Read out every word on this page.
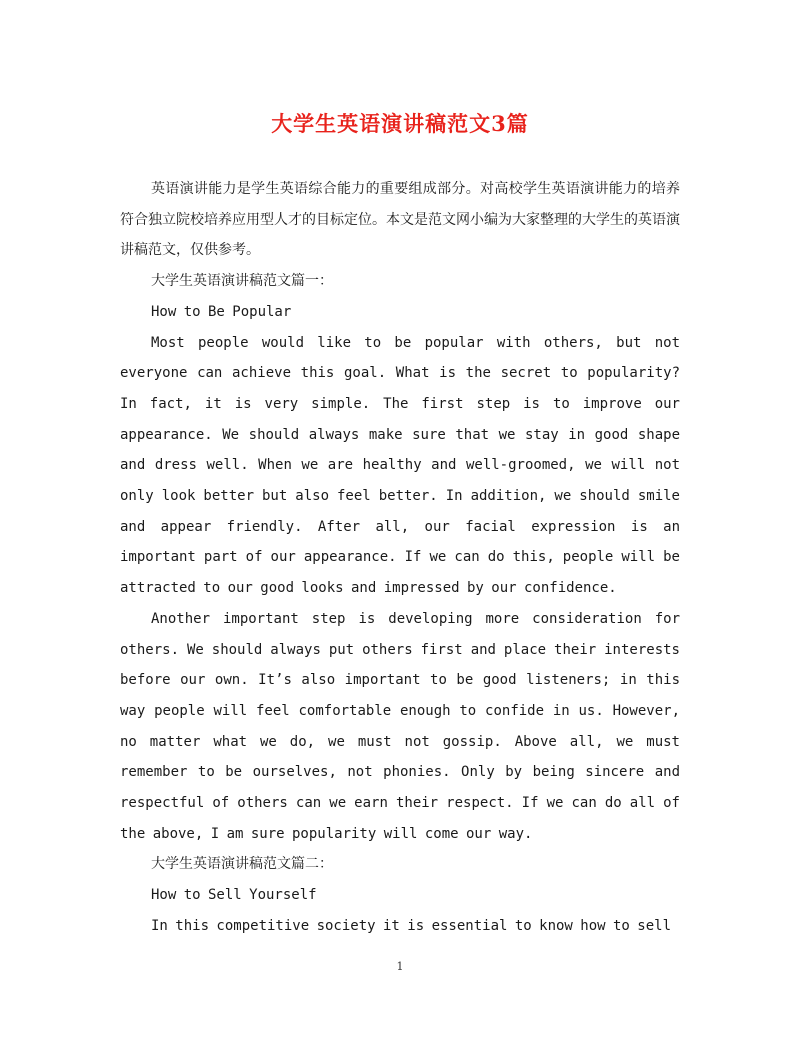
大学生英语演讲稿范文3篇

英语演讲能力是学生英语综合能力的重要组成部分。对高校学生英语演讲能力的培养符合独立院校培养应用型人才的目标定位。本文是范文网小编为大家整理的大学生的英语演讲稿范文，仅供参考。

大学生英语演讲稿范文篇一：

How to Be Popular

Most people would like to be popular with others, but not everyone can achieve this goal. What is the secret to popularity? In fact, it is very simple. The first step is to improve our appearance. We should always make sure that we stay in good shape and dress well. When we are healthy and well-groomed, we will not only look better but also feel better. In addition, we should smile and appear friendly. After all, our facial expression is an important part of our appearance. If we can do this, people will be attracted to our good looks and impressed by our confidence.

Another important step is developing more consideration for others. We should always put others first and place their interests before our own. It’s also important to be good listeners; in this way people will feel comfortable enough to confide in us. However, no matter what we do, we must not gossip. Above all, we must remember to be ourselves, not phonies. Only by being sincere and respectful of others can we earn their respect. If we can do all of the above, I am sure popularity will come our way.

大学生英语演讲稿范文篇二：

How to Sell Yourself

In this competitive society it is essential to know how to sell

1
